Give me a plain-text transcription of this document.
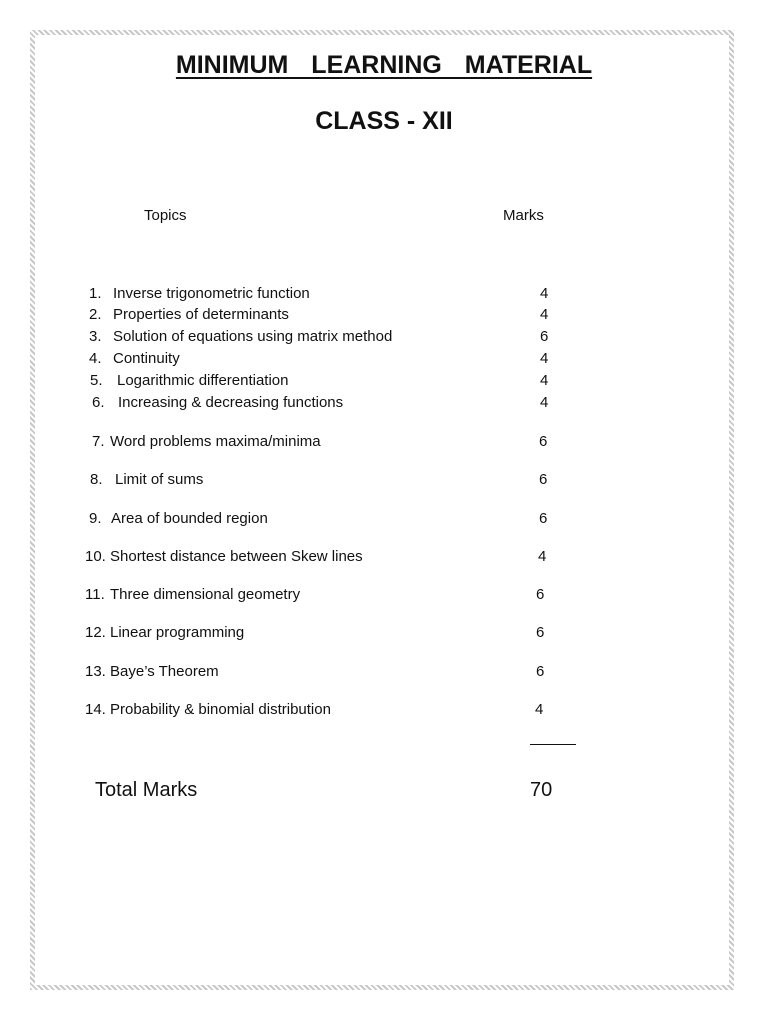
MINIMUM LEARNING MATERIAL
CLASS - XII
Topics	Marks
1. Inverse trigonometric function	4
2. Properties of determinants	4
3. Solution of equations using matrix method	6
4. Continuity	4
5. Logarithmic differentiation	4
6. Increasing & decreasing functions	4
7. Word problems maxima/minima	6
8. Limit of sums	6
9. Area of bounded region	6
10. Shortest distance between Skew lines	4
11. Three dimensional geometry	6
12. Linear programming	6
13. Baye’s Theorem	6
14. Probability & binomial distribution	4
Total Marks	70
